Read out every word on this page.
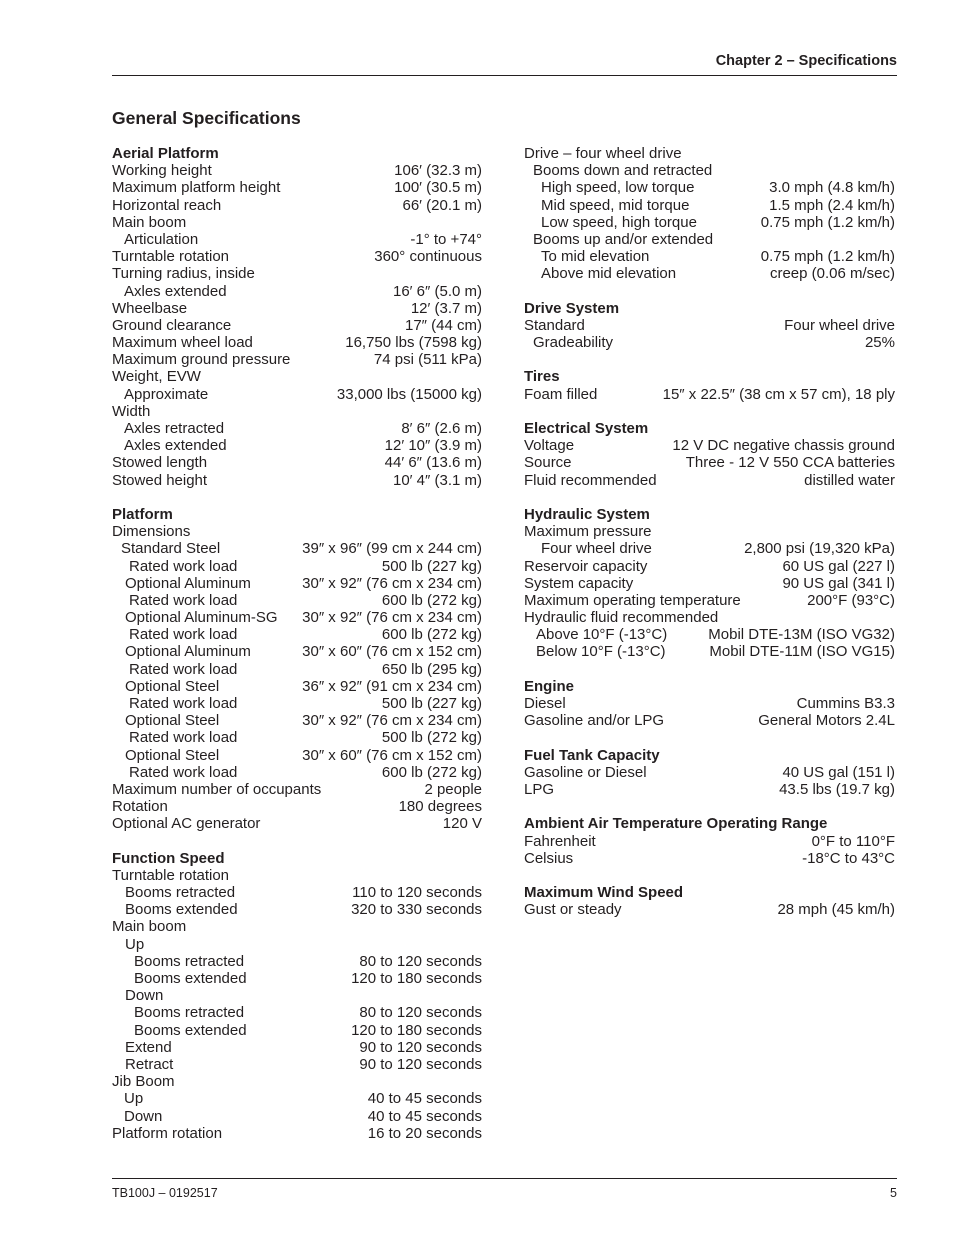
Chapter 2 – Specifications
General Specifications
Aerial Platform
Working height	106′ (32.3 m)
Maximum platform height	100′ (30.5 m)
Horizontal reach	66′ (20.1 m)
Main boom
Articulation	-1° to +74°
Turntable rotation	360° continuous
Turning radius, inside
Axles extended	16′ 6″ (5.0 m)
Wheelbase	12′ (3.7 m)
Ground clearance	17″ (44 cm)
Maximum wheel load	16,750 lbs (7598 kg)
Maximum ground pressure	74 psi (511 kPa)
Weight, EVW
Approximate	33,000 lbs (15000 kg)
Width
Axles retracted	8′ 6″ (2.6 m)
Axles extended	12′ 10″ (3.9 m)
Stowed length	44′ 6″ (13.6 m)
Stowed height	10′ 4″ (3.1 m)
Platform
Dimensions
Standard Steel	39″ x 96″ (99 cm x 244 cm)
Rated work load	500 lb (227 kg)
Optional Aluminum	30″ x 92″ (76 cm x 234 cm)
Rated work load	600 lb (272 kg)
Optional Aluminum-SG 30″ x 92″ (76 cm x 234 cm)
Rated work load	600 lb (272 kg)
Optional Aluminum	30″ x 60″ (76 cm x 152 cm)
Rated work load	650 lb (295 kg)
Optional Steel	36″ x 92″ (91 cm x 234 cm)
Rated work load	500 lb (227 kg)
Optional Steel	30″ x 92″ (76 cm x 234 cm)
Rated work load	500 lb (272 kg)
Optional Steel	30″ x 60″ (76 cm x 152 cm)
Rated work load	600 lb (272 kg)
Maximum number of occupants	2 people
Rotation	180 degrees
Optional AC generator	120 V
Function Speed
Turntable rotation
Booms retracted	110 to 120 seconds
Booms extended	320 to 330 seconds
Main boom
Up
Booms retracted	80 to 120 seconds
Booms extended	120 to 180 seconds
Down
Booms retracted	80 to 120 seconds
Booms extended	120 to 180 seconds
Extend	90 to 120 seconds
Retract	90 to 120 seconds
Jib Boom
Up	40 to 45 seconds
Down	40 to 45 seconds
Platform rotation	16 to 20 seconds
Drive – four wheel drive
Booms down and retracted
High speed, low torque	3.0 mph (4.8 km/h)
Mid speed, mid torque	1.5 mph (2.4 km/h)
Low speed, high torque	0.75 mph (1.2 km/h)
Booms up and/or extended
To mid elevation	0.75 mph (1.2 km/h)
Above mid elevation	creep (0.06 m/sec)
Drive System
Standard	Four wheel drive
Gradeability	25%
Tires
Foam filled	15″ x 22.5″ (38 cm x 57 cm), 18 ply
Electrical System
Voltage	12 V DC negative chassis ground
Source	Three - 12 V 550 CCA batteries
Fluid recommended	distilled water
Hydraulic System
Maximum pressure
Four wheel drive	2,800 psi (19,320 kPa)
Reservoir capacity	60 US gal (227 l)
System capacity	90 US gal (341 l)
Maximum operating temperature	200°F (93°C)
Hydraulic fluid recommended
Above 10°F (-13°C)	Mobil DTE-13M (ISO VG32)
Below 10°F (-13°C)	Mobil DTE-11M (ISO VG15)
Engine
Diesel	Cummins B3.3
Gasoline and/or LPG	General Motors 2.4L
Fuel Tank Capacity
Gasoline or Diesel	40 US gal (151 l)
LPG	43.5 lbs (19.7 kg)
Ambient Air Temperature Operating Range
Fahrenheit	0°F to 110°F
Celsius	-18°C to 43°C
Maximum Wind Speed
Gust or steady	28 mph (45 km/h)
TB100J – 0192517	5
